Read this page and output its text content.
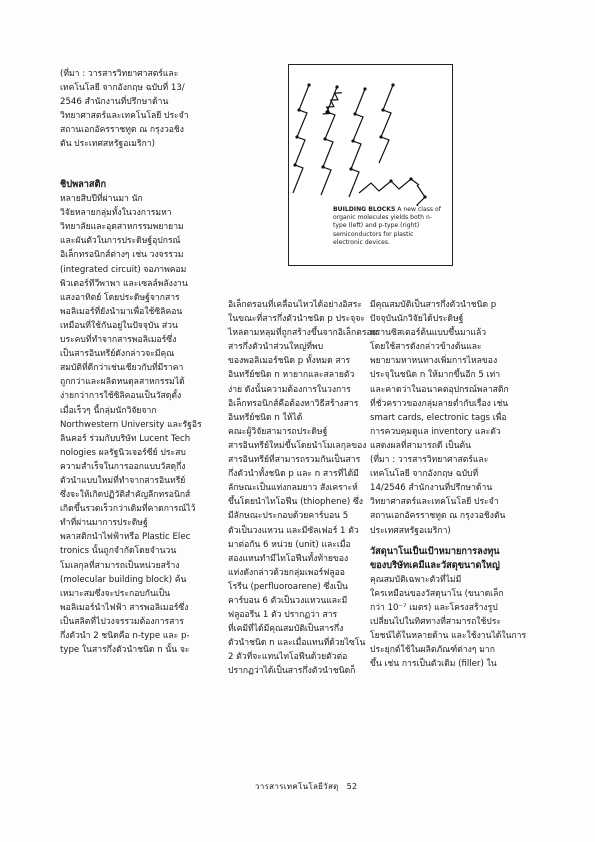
(ที่มา : วารสารวิทยาศาสตร์และ
เทคโนโลยี จากอังกฤษ ฉบับที่ 13/
2546 สำนักงานที่ปรึกษาด้าน
วิทยาศาสตร์และเทคโนโลยี ประจำ
สถานเอกอัครราชทูต ณ กรุงวอชิง
ตัน ประเทศสหรัฐอเมริกา)

ชิปพลาสติก

หลายสิบปีที่ผ่านมา นัก
วิจัยหลายกลุ่มทั้งในวงการมหา
วิทยาลัยและอุตสาหกรรมพยายาม
และผันตัวในการประดิษฐ์อุปกรณ์
อิเล็กทรอนิกส์ต่างๆ เช่น วงจรรวม
(integrated circuit) จอภาพคอม
พิวเตอร์ทีวีพาพา และเซลล์พลังงาน
แสงอาทิตย์ โดยประดิษฐ์จากสาร
พอลิเมอร์ที่ยังนำมาเพื่อใช้ซิลิคอน
เหมือนที่ใช้กันอยู่ในปัจจุบัน ส่วน
บระคบที่ทำจากสารพอลิเมอร์ซึ่ง
เป็นสารอินทรีย์ดังกล่าวจะมีคุณ
สมบัติที่ดีกว่าเช่นเชียวกับที่มีราคา
ถูกกว่าและผลิตหนดุลสาหกรรมได้
ง่ายกว่าการใช้ซิลิคอนเป็นวัสดุตั้ง
เมื่อเร็วๆ นี้กลุ่มนักวิจัยจาก
Northwestern University และรัฐอิร
ลินคอร์ ร่วมกับบริษัท Lucent Tech
nologies ผลรัฐนิวเจอร์ซีย์ ประสบ
ความสำเร็จในการออกแบบวัสดุกึ่ง
ตัวนำแบบใหม่ที่ทำจากสารอินทรีย์
ซึ่งจะให้เกิดปฏิวัติสำคัญลีกทรอนิกส์
เกิดขึ้นรวดเร็วกว่าเดิมที่คาดการณ์ไว้
ทำที่ผ่านมาการประดิษฐ์
พลาสติกนำไฟฟ้าหรือ Plastic Elec
tronics นั้นถูกจำกัดโดยจำนวน
โมเลกุลที่สามารถเป็นหน่วยสร้าง
(molecular building block) ค้น
เหมาะสมซึ่งจะประกอบกันเป็น
พอลิเมอร์นำไฟฟ้า สารพอลิเมอร์ซึ่ง
เป็นสลิตที่ไปวงจรรวมต้องการสาร
กึ่งตัวนำ 2 ชนิดคือ n-type และ p-
type ในสารกึ่งตัวนำชนิด n นั้น จะ
BUILDING BLOCKS A new class of organic molecules yields both n-type (left) and p-type (right) semiconductors for plastic electronic devices.
อิเล็กตรอนที่เคลื่อนไหวได้อย่างอิสระ
ในขณะที่สารกึ่งตัวนำชนิด p ประจุจะ
ไหลตามหลุมที่ถูกสร้างขึ้นจากอิเล็กตรอน
สารกึ่งตัวนำส่วนใหญ่ที่พบ
ของพอลิเมอร์ชนิด p ทั้งหมด สาร
อินทรีย์ชนิด n หายากและสลายตัว
ง่าย ดังนั้นความต้องการในวงการ
อิเล็กทรอนิกส์คือต้องหาวิธีสร้างสาร
อินทรีย์ชนิด n ให้ได้
คณะผู้วิจัยสามารถประดิษฐ์
สารอินทรีย์ใหม่ขึ้นโดยนำโมเลกุลของ
สารอินทรีย์ที่สามารถรวมกันเป็นสาร
กึ่งตัวนำทั้งชนิด p และ n สารที่ได้มี
ลักษณะเป็นแท่งกลมยาว สังเคราะห์
ขึ้นโดยนำไทโอฟีน (thiophene) ซึ่ง
มีลักษณะประกอบด้วยคาร์บอน 5
ตัวเป็นวงแหวน และมีซัลเฟอร์ 1 ตัว
มาต่อกัน 6 หน่วย (unit) และเมื่อ
สองแหนทำมีไทโอฟีนทั้งท้ายของ
แท่งดังกล่าวด้วยกลุ่มเพอร์ฟลูออ
โรรีน (perfluoroarene) ซึ่งเป็น
คาร์บอน 6 ตัวเป็นวงแหวนและมี
ฟลูออรีน 1 ตัว ปรากฏว่า สาร
ที่เคมีที่ได้มีคุณสมบัติเป็นสารกึ่ง
ตัวนำชนิด n และเมื่อแทนที่ด้วยไซโน
2 ตัวที่จะแทนไทโอฟีนด้วยตัวต่อ
ปรากฏว่าได้เป็นสารกึ่งตัวนำชนิดก็
มีคุณสมบัติเป็นสารกึ่งตัวนำชนิด p
ปัจจุบันนักวิจัยได้ประดิษฐ์
ทรานซิสเตอร์ต้นแบบขึ้นมาแล้ว
โดยใช้สารดังกล่าวข้างต้นและ
พยายามหาหนทางเพิ่มการไหลของ
ประจุในชนิด n ให้มากขึ้นอีก 5 เท่า
และคาดว่าในอนาคตอุปกรณ์พลาสติก
ที่ชั่วคราวของกลุ่มลายต่ำกับเรื่อง เช่น
smart cards, electronic tags เพื่อ
การควบคุมดูแล inventory และตัว
แสดงผลที่สามารถดี เป็นต้น
(ที่มา : วารสารวิทยาศาสตร์และ
เทคโนโลยี จากอังกฤษ ฉบับที่
14/2546 สำนักงานที่ปรึกษาด้าน
วิทยาศาสตร์และเทคโนโลยี ประจำ
สถานเอกอัครราชทูต ณ กรุงวอชิงตัน
ประเทศสหรัฐอเมริกา)
วัสดุนาโนเป็นเป้าหมายการลงทุน
ของบริษัทเคมีและวัสดุขนาดใหญ่
คุณสมบัติเฉพาะตัวที่ไม่มี
ใครเหมือนของวัสดุนาโน (ขนาดเล็ก
กว่า 10⁻⁷ เมตร) และโครงสร้างรูป
เปลี่ยนไปในทิศทางที่สามารถใช้ประ
โยชน์ได้ในหลายด้าน และใช้งานได้ในการ
ประยุกต์ใช้ในผลิตภัณฑ์ต่างๆ มาก
ขึ้น เช่น การเป็นตัวเติม (filler) ใน
วารสารเทคโนโลยีวัสดุ 52
